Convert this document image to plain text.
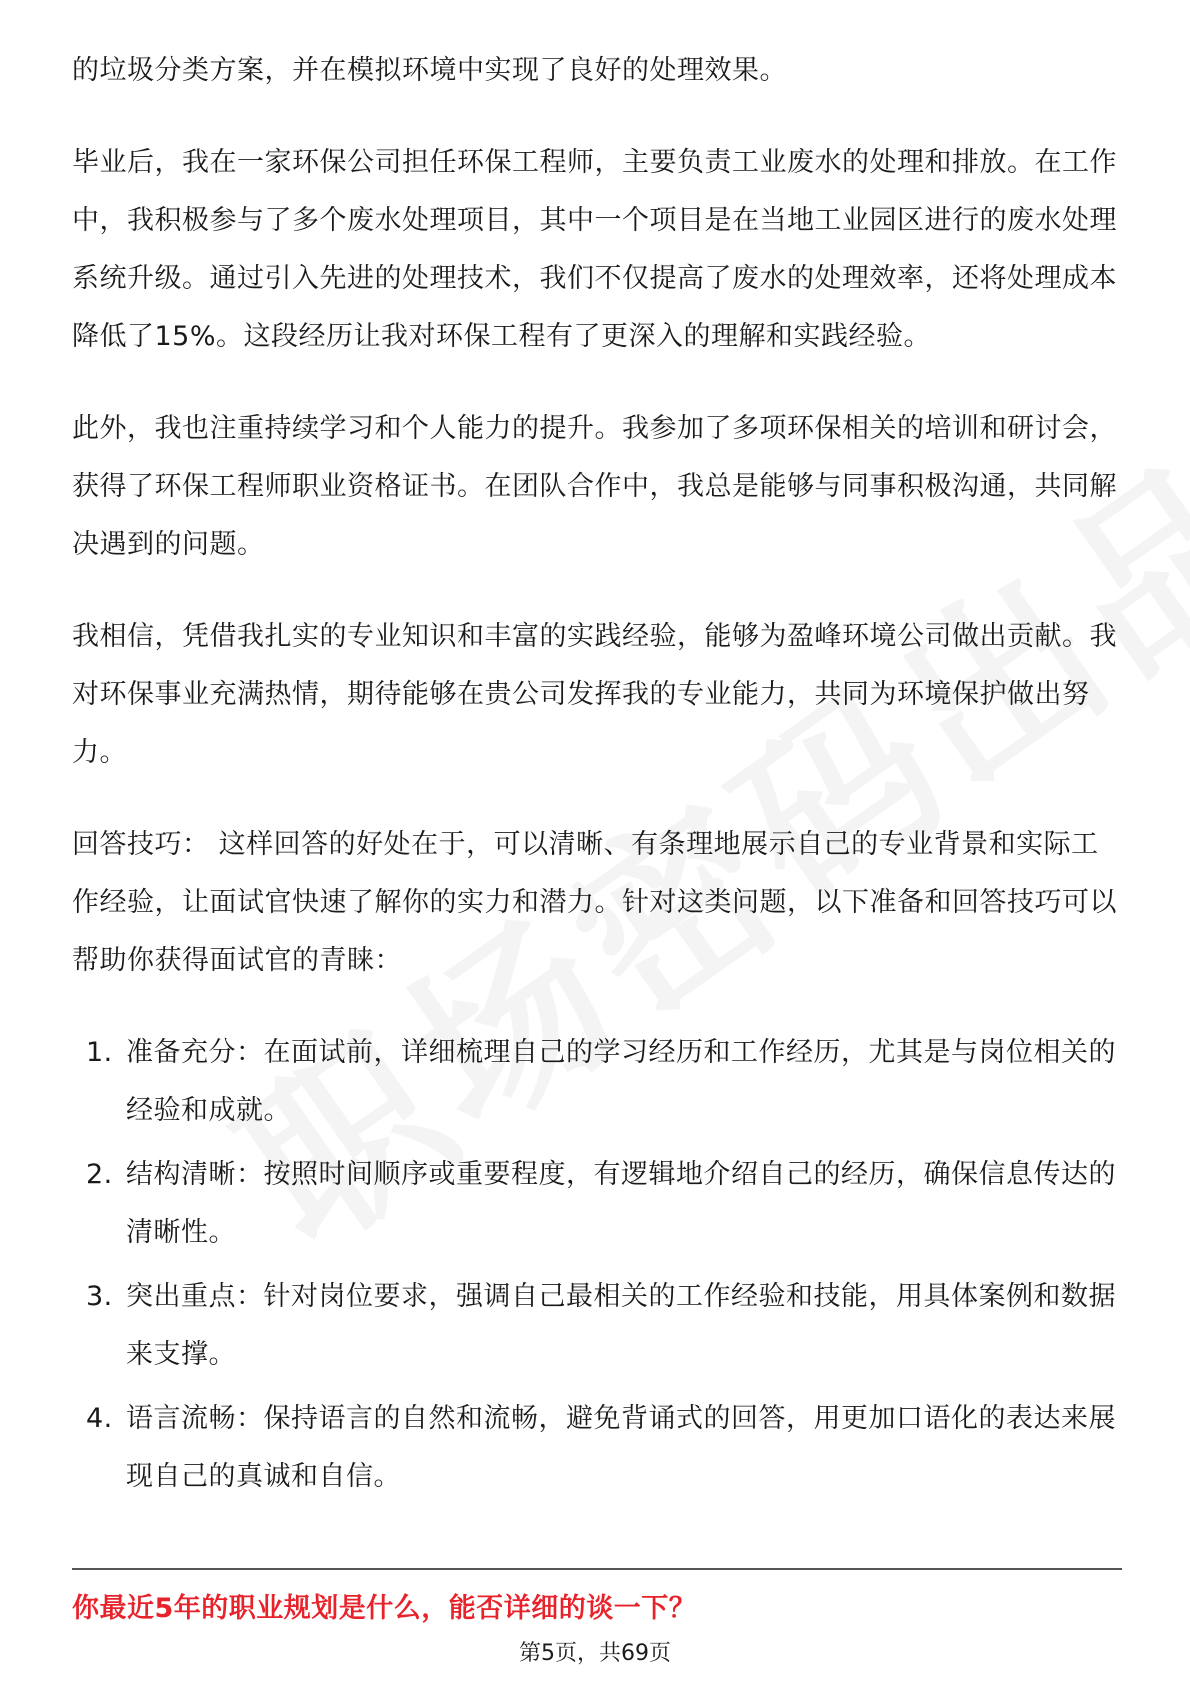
的垃圾分类方案，并在模拟环境中实现了良好的处理效果。

毕业后，我在一家环保公司担任环保工程师，主要负责工业废水的处理和排放。在工作中，我积极参与了多个废水处理项目，其中一个项目是在当地工业园区进行的废水处理系统升级。通过引入先进的处理技术，我们不仅提高了废水的处理效率，还将处理成本降低了15%。这段经历让我对环保工程有了更深入的理解和实践经验。

此外，我也注重持续学习和个人能力的提升。我参加了多项环保相关的培训和研讨会，获得了环保工程师职业资格证书。在团队合作中，我总是能够与同事积极沟通，共同解决遇到的问题。

我相信，凭借我扎实的专业知识和丰富的实践经验，能够为盈峰环境公司做出贡献。我对环保事业充满热情，期待能够在贵公司发挥我的专业能力，共同为环境保护做出努力。

回答技巧： 这样回答的好处在于，可以清晰、有条理地展示自己的专业背景和实际工作经验，让面试官快速了解你的实力和潜力。针对这类问题，以下准备和回答技巧可以帮助你获得面试官的青睐：

1. 准备充分：在面试前，详细梳理自己的学习经历和工作经历，尤其是与岗位相关的经验和成就。
2. 结构清晰：按照时间顺序或重要程度，有逻辑地介绍自己的经历，确保信息传达的清晰性。
3. 突出重点：针对岗位要求，强调自己最相关的工作经验和技能，用具体案例和数据来支撑。
4. 语言流畅：保持语言的自然和流畅，避免背诵式的回答，用更加口语化的表达来展现自己的真诚和自信。
你最近5年的职业规划是什么，能否详细的谈一下？
第5页，共69页
